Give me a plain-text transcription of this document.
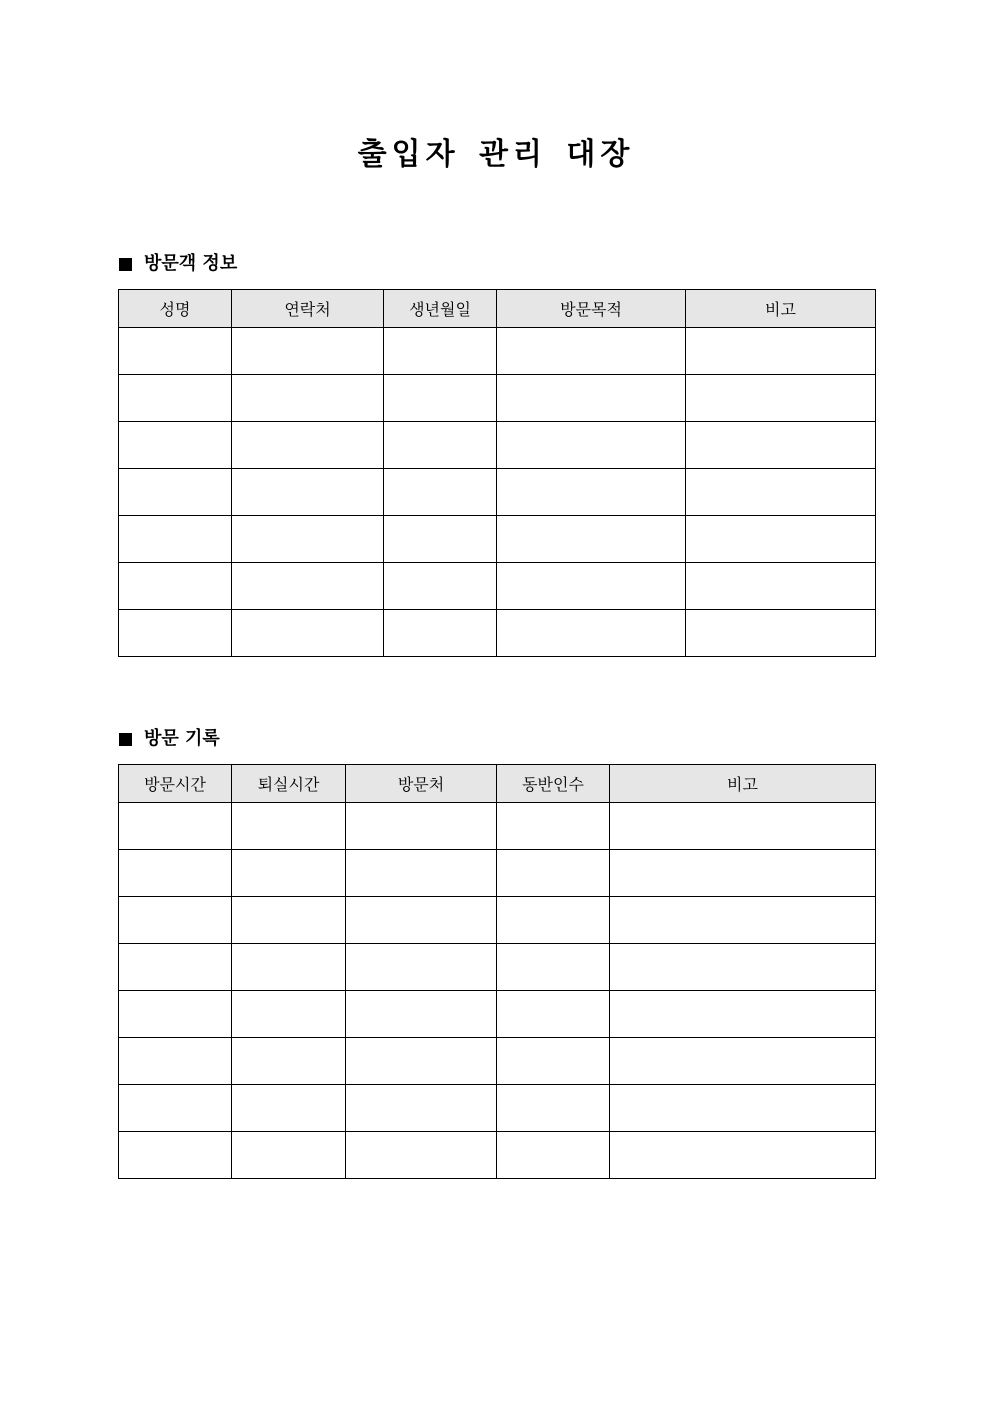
출입자 관리 대장
방문객 정보
성명	연락처	생년월일	방문목적	비고

방문 기록
방문시간	퇴실시간	방문처	동반인수	비고
